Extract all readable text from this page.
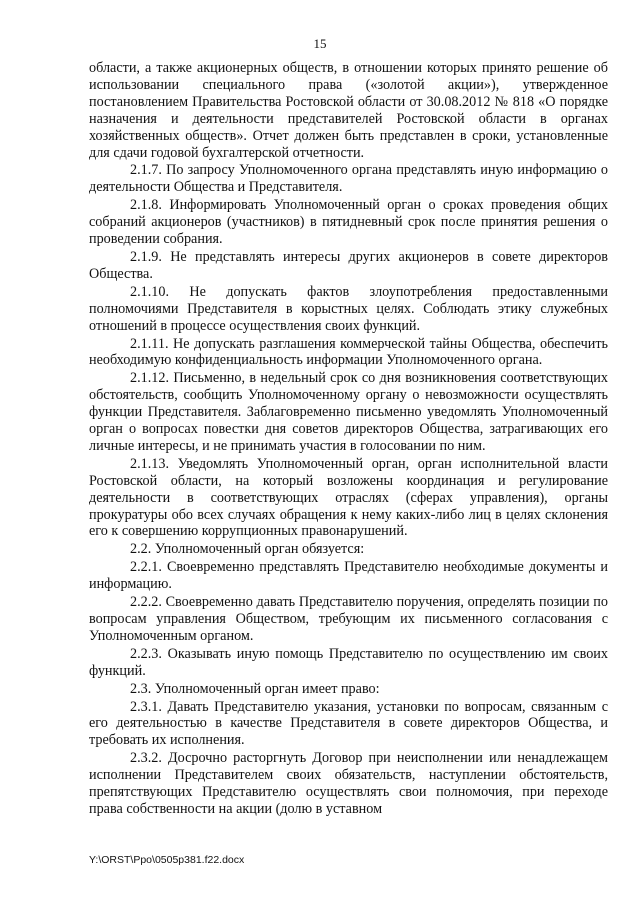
15

области, а также акционерных обществ, в отношении которых принято решение об использовании специального права («золотой акции»), утвержденное постановлением Правительства Ростовской области от 30.08.2012 № 818 «О порядке назначения и деятельности представителей Ростовской области в органах хозяйственных обществ». Отчет должен быть представлен в сроки, установленные для сдачи годовой бухгалтерской отчетности.

2.1.7. По запросу Уполномоченного органа представлять иную информацию о деятельности Общества и Представителя.

2.1.8. Информировать Уполномоченный орган о сроках проведения общих собраний акционеров (участников) в пятидневный срок после принятия решения о проведении собрания.

2.1.9. Не представлять интересы других акционеров в совете директоров Общества.

2.1.10. Не допускать фактов злоупотребления предоставленными полномочиями Представителя в корыстных целях. Соблюдать этику служебных отношений в процессе осуществления своих функций.

2.1.11. Не допускать разглашения коммерческой тайны Общества, обеспечить необходимую конфиденциальность информации Уполномоченного органа.

2.1.12. Письменно, в недельный срок со дня возникновения соответствующих обстоятельств, сообщить Уполномоченному органу о невозможности осуществлять функции Представителя. Заблаговременно письменно уведомлять Уполномоченный орган о вопросах повестки дня советов директоров Общества, затрагивающих его личные интересы, и не принимать участия в голосовании по ним.

2.1.13. Уведомлять Уполномоченный орган, орган исполнительной власти Ростовской области, на который возложены координация и регулирование деятельности в соответствующих отраслях (сферах управления), органы прокуратуры обо всех случаях обращения к нему каких-либо лиц в целях склонения его к совершению коррупционных правонарушений.

2.2. Уполномоченный орган обязуется:

2.2.1. Своевременно представлять Представителю необходимые документы и информацию.

2.2.2. Своевременно давать Представителю поручения, определять позиции по вопросам управления Обществом, требующим их письменного согласования с Уполномоченным органом.

2.2.3. Оказывать иную помощь Представителю по осуществлению им своих функций.

2.3. Уполномоченный орган имеет право:

2.3.1. Давать Представителю указания, установки по вопросам, связанным с его деятельностью в качестве Представителя в совете директоров Общества, и требовать их исполнения.

2.3.2. Досрочно расторгнуть Договор при неисполнении или ненадлежащем исполнении Представителем своих обязательств, наступлении обстоятельств, препятствующих Представителю осуществлять свои полномочия, при переходе права собственности на акции (долю в уставном

Y:\ORST\Ppo\0505p381.f22.docx
